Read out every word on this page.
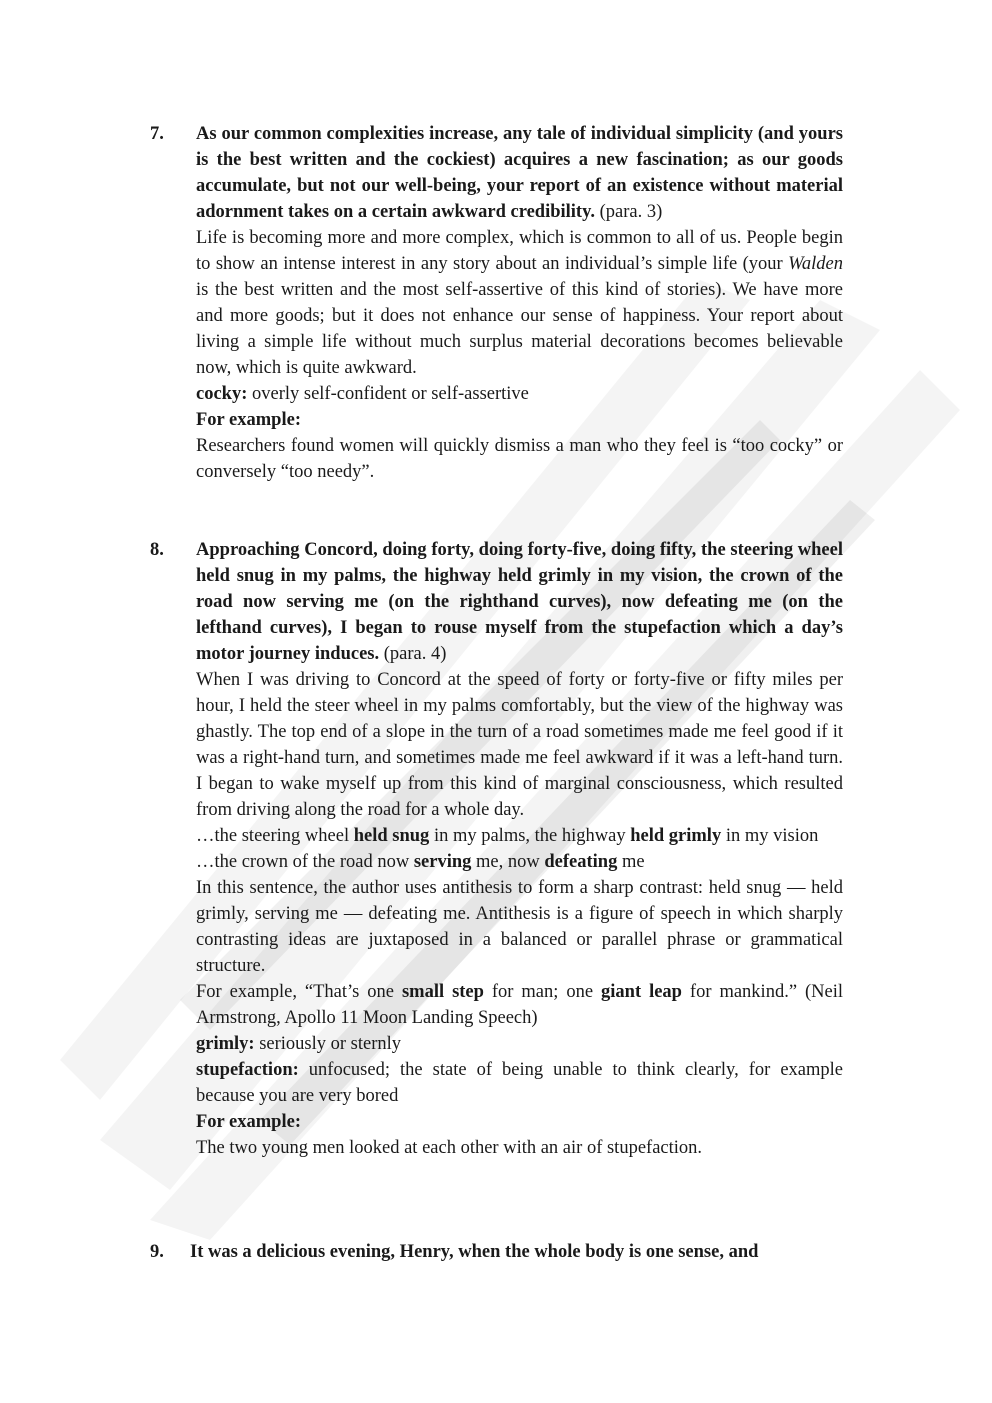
7. As our common complexities increase, any tale of individual simplicity (and yours is the best written and the cockiest) acquires a new fascination; as our goods accumulate, but not our well-being, your report of an existence without material adornment takes on a certain awkward credibility. (para. 3)

Life is becoming more and more complex, which is common to all of us. People begin to show an intense interest in any story about an individual’s simple life (your Walden is the best written and the most self-assertive of this kind of stories). We have more and more goods; but it does not enhance our sense of happiness. Your report about living a simple life without much surplus material decorations becomes believable now, which is quite awkward.

cocky: overly self-confident or self-assertive

For example:

Researchers found women will quickly dismiss a man who they feel is “too cocky” or conversely “too needy”.

8. Approaching Concord, doing forty, doing forty-five, doing fifty, the steering wheel held snug in my palms, the highway held grimly in my vision, the crown of the road now serving me (on the righthand curves), now defeating me (on the lefthand curves), I began to rouse myself from the stupefaction which a day’s motor journey induces. (para. 4)

When I was driving to Concord at the speed of forty or forty-five or fifty miles per hour, I held the steer wheel in my palms comfortably, but the view of the highway was ghastly. The top end of a slope in the turn of a road sometimes made me feel good if it was a right-hand turn, and sometimes made me feel awkward if it was a left-hand turn. I began to wake myself up from this kind of marginal consciousness, which resulted from driving along the road for a whole day.

…the steering wheel held snug in my palms, the highway held grimly in my vision

…the crown of the road now serving me, now defeating me

In this sentence, the author uses antithesis to form a sharp contrast: held snug — held grimly, serving me — defeating me. Antithesis is a figure of speech in which sharply contrasting ideas are juxtaposed in a balanced or parallel phrase or grammatical structure.

For example, “That’s one small step for man; one giant leap for mankind.” (Neil Armstrong, Apollo 11 Moon Landing Speech)

grimly: seriously or sternly

stupefaction: unfocused; the state of being unable to think clearly, for example because you are very bored

For example:

The two young men looked at each other with an air of stupefaction.

9. It was a delicious evening, Henry, when the whole body is one sense, and
